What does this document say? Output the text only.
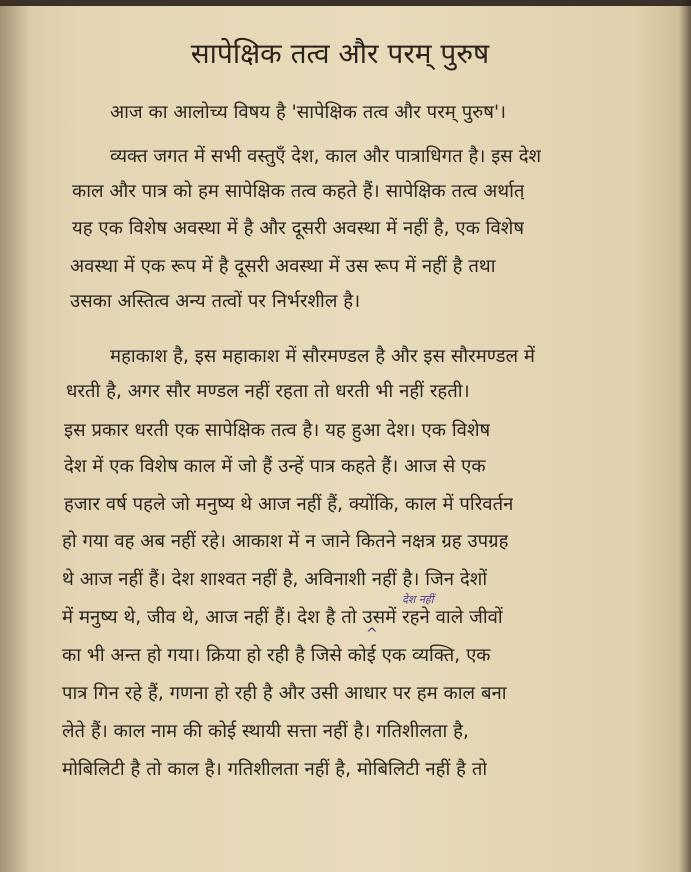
सापेक्षिक तत्व और परम् पुरुष
आज का आलोच्य विषय है 'सापेक्षिक तत्व और परम् पुरुष'।
व्यक्त जगत में सभी वस्तुएँ देश, काल और पात्राधिगत है। इस देश
काल और पात्र को हम सापेक्षिक तत्व कहते हैं। सापेक्षिक तत्व अर्थात्
यह एक विशेष अवस्था में है और दूसरी अवस्था में नहीं है, एक विशेष
अवस्था में एक रूप में है दूसरी अवस्था में उस रूप में नहीं है तथा
उसका अस्तित्व अन्य तत्वों पर निर्भरशील है।
महाकाश है, इस महाकाश में सौरमण्डल है और इस सौरमण्डल में
धरती है, अगर सौर मण्डल नहीं रहता तो धरती भी नहीं रहती।
इस प्रकार धरती एक सापेक्षिक तत्व है। यह हुआ देश। एक विशेष
देश में एक विशेष काल में जो हैं उन्हें पात्र कहते हैं। आज से एक
हजार वर्ष पहले जो मनुष्य थे आज नहीं हैं, क्योंकि, काल में परिवर्तन
हो गया वह अब नहीं रहे। आकाश में न जाने कितने नक्षत्र ग्रह उपग्रह
थे आज नहीं हैं। देश शाश्वत नहीं है, अविनाशी नहीं है। जिन देशों
में मनुष्य थे, जीव थे, आज नहीं हैं। देश है तो उसमें रहने वाले जीवों
का भी अन्त हो गया। क्रिया हो रही है जिसे कोई एक व्यक्ति, एक
पात्र गिन रहे हैं, गणना हो रही है और उसी आधार पर हम काल बना
लेते हैं। काल नाम की कोई स्थायी सत्ता नहीं है। गतिशीलता है,
मोबिलिटी है तो काल है। गतिशीलता नहीं है, मोबिलिटी नहीं है तो
देश नहीं
^
